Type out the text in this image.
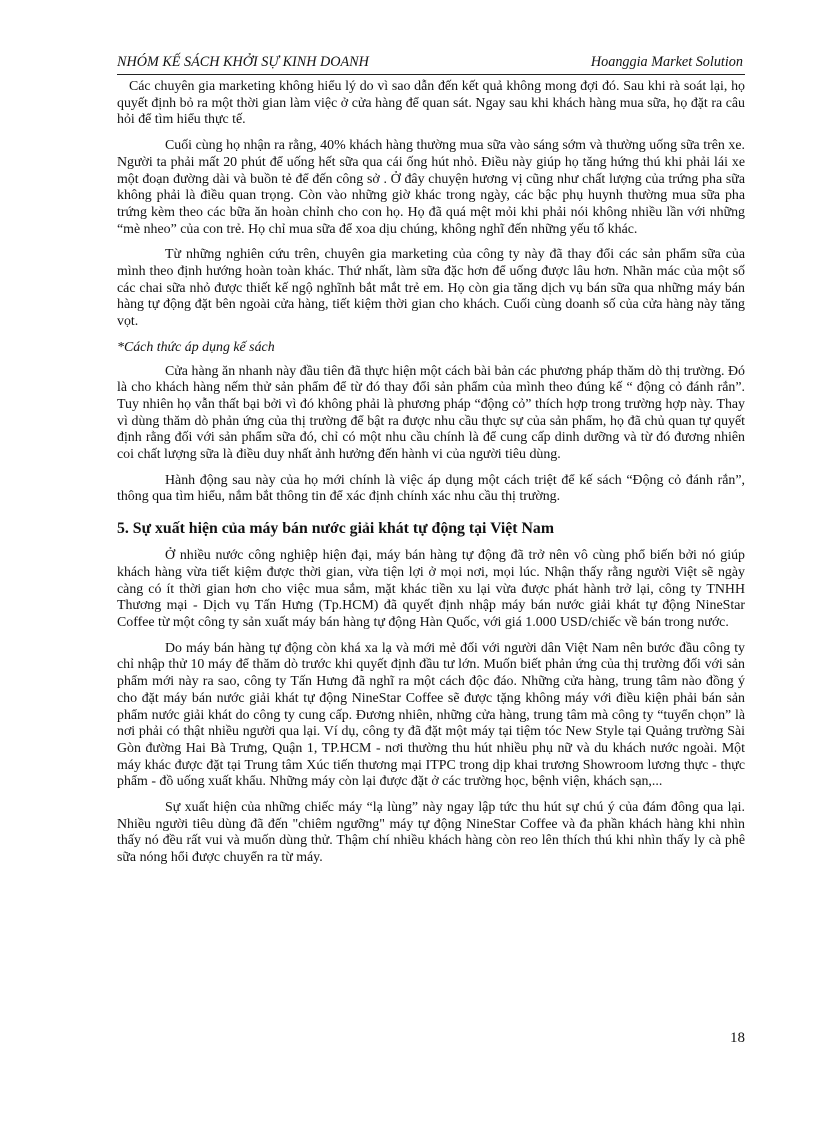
NHÓM KẾ SÁCH KHỞI SỰ KINH DOANH	Hoanggia Market Solution

Các chuyên gia marketing không hiểu lý do vì sao dẫn đến kết quả không mong đợi đó. Sau khi rà soát lại, họ quyết định bỏ ra một thời gian làm việc ở cửa hàng để quan sát. Ngay sau khi khách hàng mua sữa, họ đặt ra câu hỏi để tìm hiểu thực tế.

Cuối cùng họ nhận ra rằng, 40% khách hàng thường mua sữa vào sáng sớm và thường uống sữa trên xe. Người ta phải mất 20 phút để uống hết sữa qua cái ống hút nhỏ. Điều này giúp họ tăng hứng thú khi phải lái xe một đoạn đường dài và buồn tẻ để đến công sở . Ở đây chuyện hương vị cũng như chất lượng của trứng pha sữa không phải là điều quan trọng. Còn vào những giờ khác trong ngày, các bậc phụ huynh thường mua sữa pha trứng kèm theo các bữa ăn hoàn chỉnh cho con họ. Họ đã quá mệt mỏi khi phải nói không nhiều lần với những “mè nheo” của con trẻ. Họ chỉ mua sữa để xoa dịu chúng, không nghĩ đến những yếu tố khác.

Từ những nghiên cứu trên, chuyên gia marketing của công ty này đã thay đổi các sản phẩm sữa của mình theo định hướng hoàn toàn khác. Thứ nhất, làm sữa đặc hơn để uống được lâu hơn. Nhãn mác của một số các chai sữa nhỏ được thiết kế ngộ nghĩnh bắt mắt trẻ em. Họ còn gia tăng dịch vụ bán sữa qua những máy bán hàng tự động đặt bên ngoài cửa hàng, tiết kiệm thời gian cho khách. Cuối cùng doanh số của cửa hàng này tăng vọt.

*Cách thức áp dụng kế sách

Cửa hàng ăn nhanh này đầu tiên đã thực hiện một cách bài bản các phương pháp thăm dò thị trường. Đó là cho khách hàng nếm thử sản phẩm để từ đó thay đổi sản phẩm của mình theo đúng kế “ động cỏ đánh rắn”. Tuy nhiên họ vẫn thất bại bởi vì đó không phải là phương pháp “động cỏ” thích hợp trong trường hợp này. Thay vì dùng thăm dò phản ứng của thị trường để bật ra được nhu cầu thực sự của sản phẩm, họ đã chủ quan tự quyết định rằng đối với sản phẩm sữa đó, chỉ có một nhu cầu chính là để cung cấp dinh dưỡng và từ đó đương nhiên coi chất lượng sữa là điều duy nhất ảnh hưởng đến hành vi của người tiêu dùng.

Hành động sau này của họ mới chính là việc áp dụng một cách triệt để kế sách “Động cỏ đánh rắn”, thông qua tìm hiểu, nắm bắt thông tin để xác định chính xác nhu cầu thị trường.

5. Sự xuất hiện của máy bán nước giải khát tự động tại Việt Nam

Ở nhiều nước công nghiệp hiện đại, máy bán hàng tự động đã trở nên vô cùng phổ biến bởi nó giúp khách hàng vừa tiết kiệm được thời gian, vừa tiện lợi ở mọi nơi, mọi lúc. Nhận thấy rằng người Việt sẽ ngày càng có ít thời gian hơn cho việc mua sắm, mặt khác tiền xu lại vừa được phát hành trở lại, công ty TNHH Thương mại - Dịch vụ Tấn Hưng (Tp.HCM) đã quyết định nhập máy bán nước giải khát tự động NineStar Coffee từ một công ty sản xuất máy bán hàng tự động Hàn Quốc, với giá 1.000 USD/chiếc về bán trong nước.

Do máy bán hàng tự động còn khá xa lạ và mới mẻ đối với người dân Việt Nam nên bước đầu công ty chỉ nhập thử 10 máy để thăm dò trước khi quyết định đầu tư lớn. Muốn biết phản ứng của thị trường đối với sản phẩm mới này ra sao, công ty Tấn Hưng đã nghĩ ra một cách độc đáo. Những cửa hàng, trung tâm nào đồng ý cho đặt máy bán nước giải khát tự động NineStar Coffee sẽ được tặng không máy với điều kiện phải bán sản phẩm nước giải khát do công ty cung cấp. Đương nhiên, những cửa hàng, trung tâm mà công ty “tuyển chọn” là nơi phải có thật nhiều người qua lại. Ví dụ, công ty đã đặt một máy tại tiệm tóc New Style tại Quảng trường Sài Gòn đường Hai Bà Trưng, Quận 1, TP.HCM - nơi thường thu hút nhiều phụ nữ và du khách nước ngoài. Một máy khác được đặt tại Trung tâm Xúc tiến thương mại ITPC trong dịp khai trương Showroom lương thực - thực phẩm - đồ uống xuất khẩu. Những máy còn lại được đặt ở các trường học, bệnh viện, khách sạn,...

Sự xuất hiện của những chiếc máy “lạ lùng” này ngay lập tức thu hút sự chú ý của đám đông qua lại. Nhiều người tiêu dùng đã đến "chiêm ngưỡng" máy tự động NineStar Coffee và đa phần khách hàng khi nhìn thấy nó đều rất vui và muốn dùng thử. Thậm chí nhiều khách hàng còn reo lên thích thú khi nhìn thấy ly cà phê sữa nóng hổi được chuyển ra từ máy.

18
